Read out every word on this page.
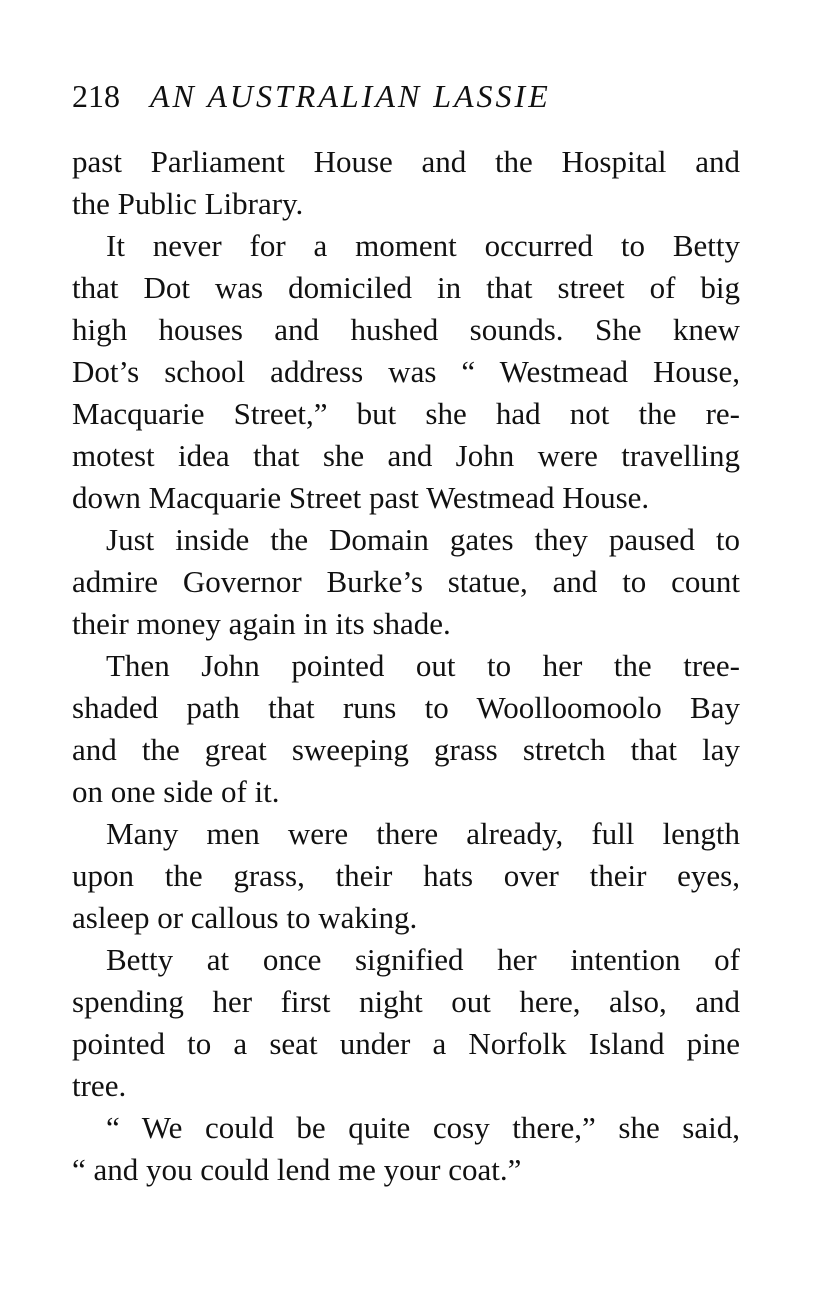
218 AN AUSTRALIAN LASSIE
past Parliament House and the Hospital and
the Public Library.
It never for a moment occurred to Betty
that Dot was domiciled in that street of big
high houses and hushed sounds. She knew
Dot’s school address was “ Westmead House,
Macquarie Street,” but she had not the re-
motest idea that she and John were travelling
down Macquarie Street past Westmead House.
Just inside the Domain gates they paused to
admire Governor Burke’s statue, and to count
their money again in its shade.
Then John pointed out to her the tree-
shaded path that runs to Woolloomoolo Bay
and the great sweeping grass stretch that lay
on one side of it.
Many men were there already, full length
upon the grass, their hats over their eyes,
asleep or callous to waking.
Betty at once signified her intention of
spending her first night out here, also, and
pointed to a seat under a Norfolk Island pine
tree.
“ We could be quite cosy there,” she said,
“ and you could lend me your coat.”
